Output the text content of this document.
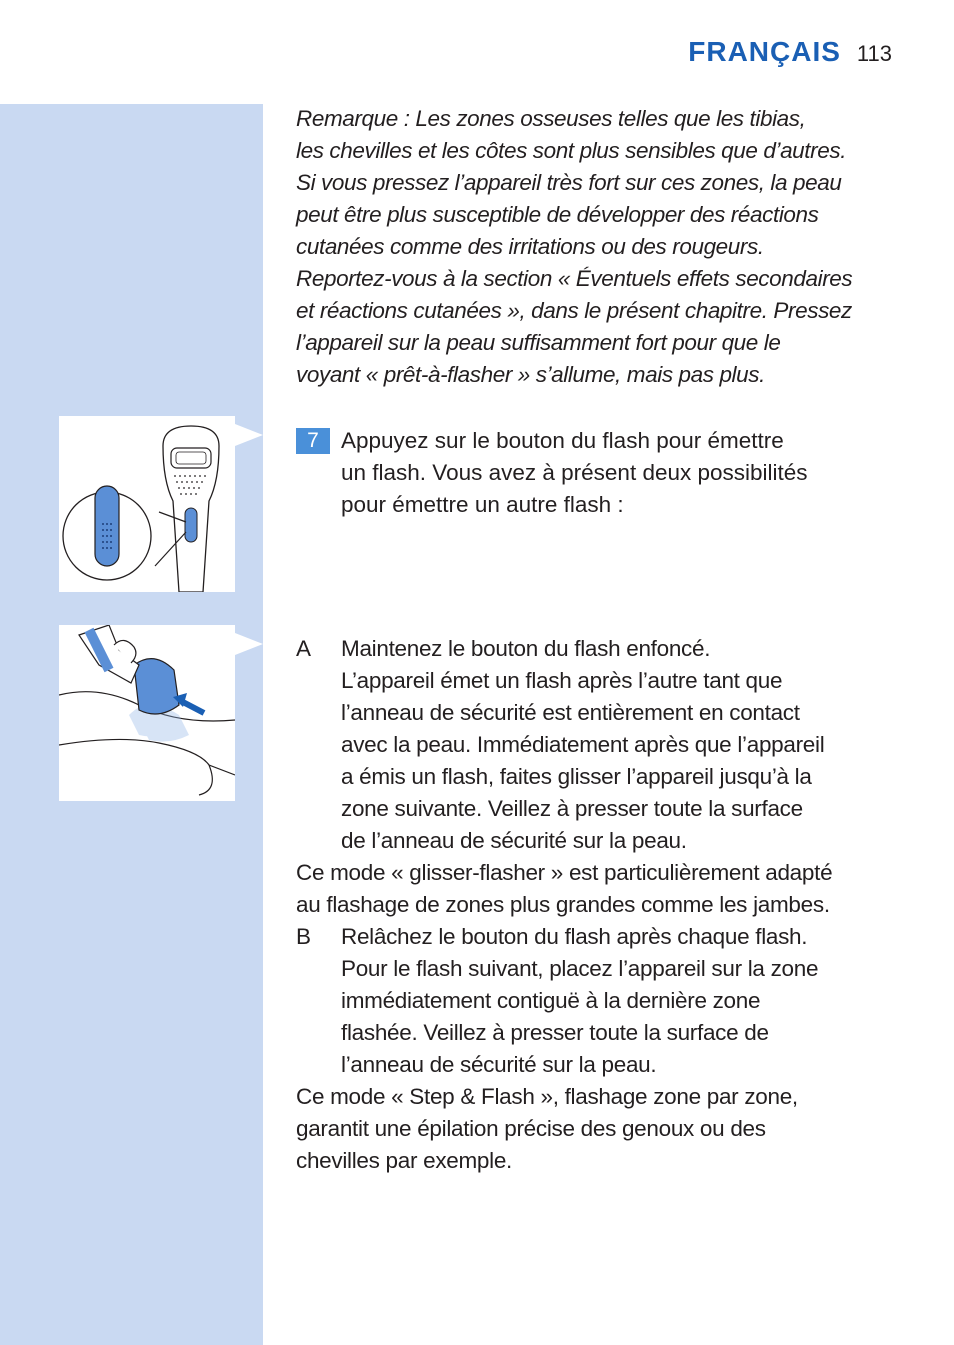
FRANÇAIS 113
Remarque : Les zones osseuses telles que les tibias,
les chevilles et les côtes sont plus sensibles que d’autres.
Si vous pressez l’appareil très fort sur ces zones, la peau
peut être plus susceptible de développer des réactions
cutanées comme des irritations ou des rougeurs.
Reportez-vous à la section « Éventuels effets secondaires
et réactions cutanées », dans le présent chapitre. Pressez
l’appareil sur la peau suffisamment fort pour que le
voyant « prêt-à-flasher » s’allume, mais pas plus.
7 Appuyez sur le bouton du flash pour émettre
un flash. Vous avez à présent deux possibilités
pour émettre un autre flash :
A Maintenez le bouton du flash enfoncé.
L’appareil émet un flash après l’autre tant que
l’anneau de sécurité est entièrement en contact
avec la peau. Immédiatement après que l’appareil
a émis un flash, faites glisser l’appareil jusqu’à la
zone suivante. Veillez à presser toute la surface
de l’anneau de sécurité sur la peau.
Ce mode « glisser-flasher » est particulièrement adapté
au flashage de zones plus grandes comme les jambes.
B Relâchez le bouton du flash après chaque flash.
Pour le flash suivant, placez l’appareil sur la zone
immédiatement contiguë à la dernière zone
flashée. Veillez à presser toute la surface de
l’anneau de sécurité sur la peau.
Ce mode « Step & Flash », flashage zone par zone,
garantit une épilation précise des genoux ou des
chevilles par exemple.
